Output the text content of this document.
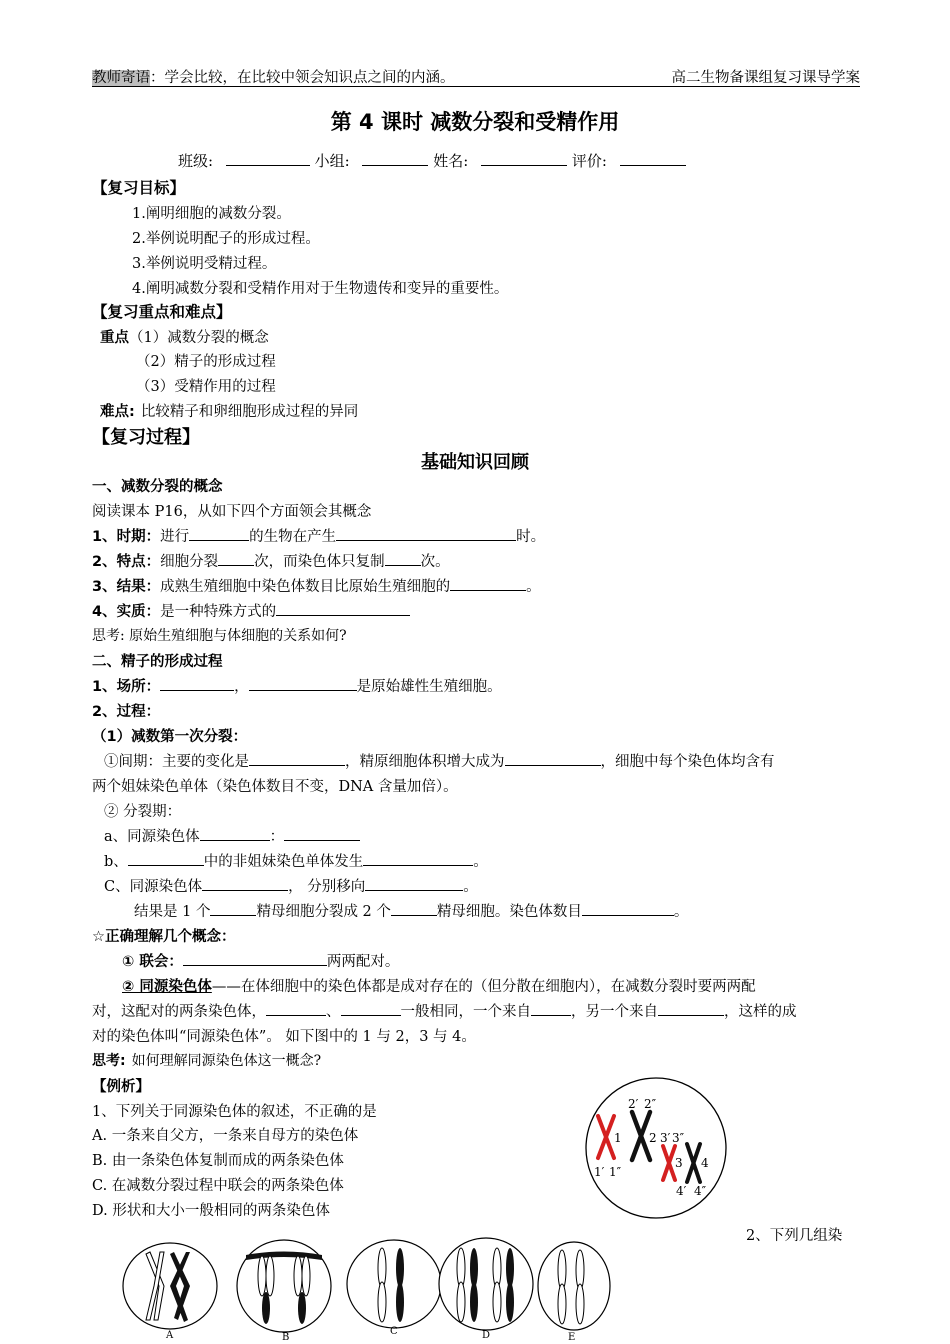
教师寄语：学会比较，在比较中领会知识点之间的内涵。	高二生物备课组复习课导学案
第 4 课时 减数分裂和受精作用
班级:	小组:	姓名:	评价:
【复习目标】
1.阐明细胞的减数分裂。
2.举例说明配子的形成过程。
3.举例说明受精过程。
4.阐明减数分裂和受精作用对于生物遗传和变异的重要性。
【复习重点和难点】
重点（1）减数分裂的概念
（2）精子的形成过程
（3）受精作用的过程
难点: 比较精子和卵细胞形成过程的异同
【复习过程】
基础知识回顾
一、减数分裂的概念
阅读课本 P16，从如下四个方面领会其概念
1、时期：进行	的生物在产生	时。
2、特点：细胞分裂 次，而染色体只复制 次。
3、结果：成熟生殖细胞中染色体数目比原始生殖细胞的	。
4、实质：是一种特殊方式的
思考: 原始生殖细胞与体细胞的关系如何?
二、精子的形成过程
1、场所：	，	是原始雄性生殖细胞。
2、过程：
（1）减数第一次分裂：
①间期：主要的变化是	，精原细胞体积增大成为	，细胞中每个染色体均含有
两个姐妹染色单体（染色体数目不变，DNA 含量加倍）。
② 分裂期：
a、同源染色体	：
b、	中的非姐妹染色单体发生	。
C、同源染色体	， 分别移向	。
结果是 1 个	精母细胞分裂成 2 个	精母细胞。染色体数目	。
☆正确理解几个概念：
① 联会：	两两配对。
② 同源染色体——在体细胞中的染色体都是成对存在的（但分散在细胞内），在减数分裂时要两两配
对，这配对的两条染色体，	、	一般相同，一个来自	，另一个来自	，这样的成
对的染色体叫“同源染色体”。 如下图中的 1 与 2，3 与 4。
思考: 如何理解同源染色体这一概念?
【例析】
1、下列关于同源染色体的叙述，不正确的是
A. 一条来自父方，一条来自母方的染色体
B. 由一条染色体复制而成的两条染色体
C. 在减数分裂过程中联会的两条染色体
D. 形状和大小一般相同的两条染色体
2、下列几组染
2′ 2″
1 2 3′ 3″
3 4
1′ 1″
4′ 4″
A	B
C	D	E
